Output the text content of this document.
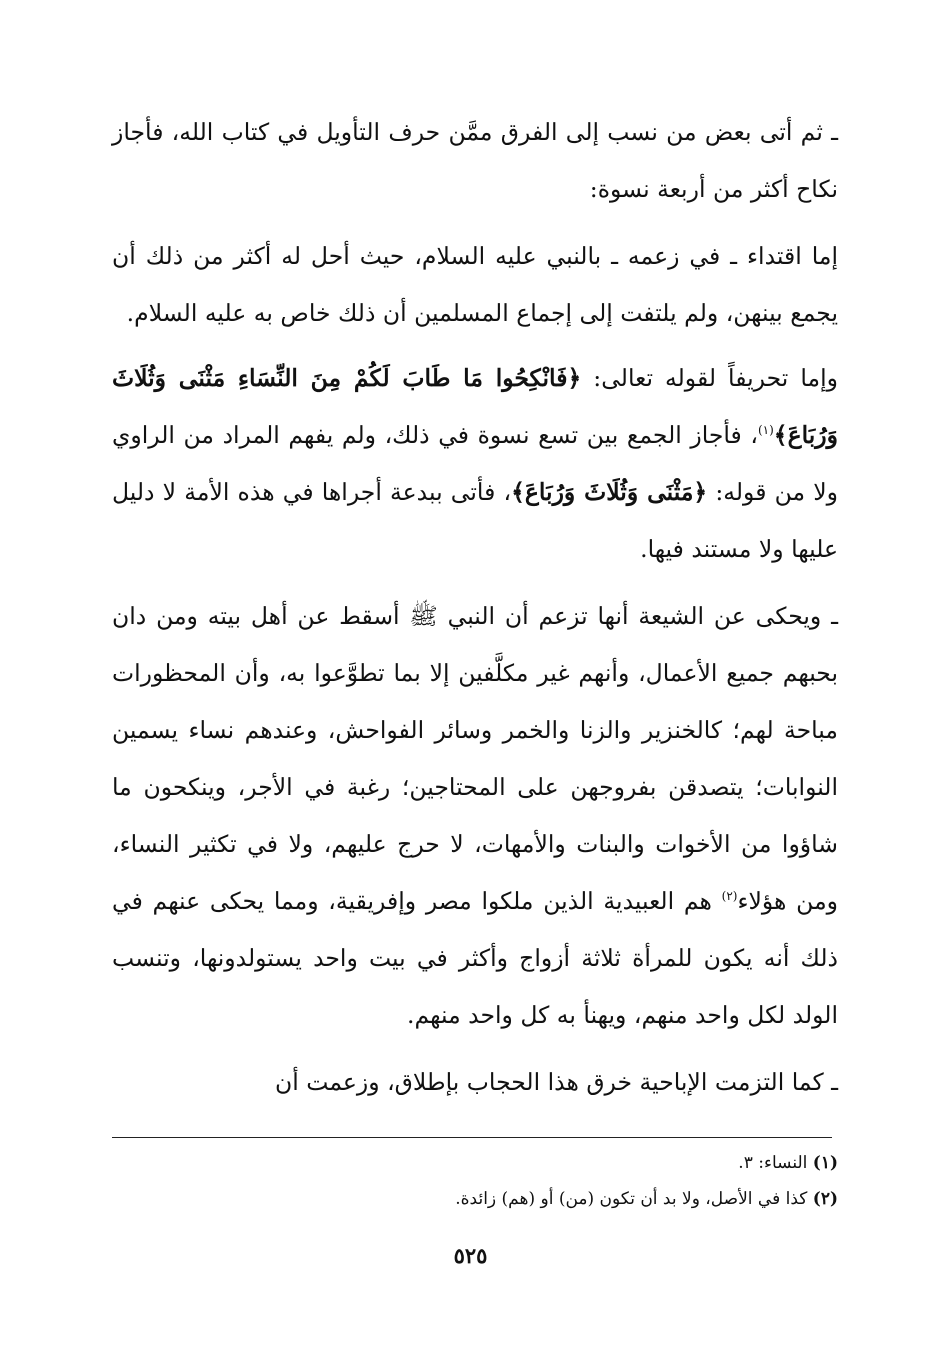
ـ ثم أتى بعض من نسب إلى الفرق ممَّن حرف التأويل في كتاب الله، فأجاز نكاح أكثر من أربعة نسوة:

إما اقتداء ـ في زعمه ـ بالنبي عليه السلام، حيث أحل له أكثر من ذلك أن يجمع بينهن، ولم يلتفت إلى إجماع المسلمين أن ذلك خاص به عليه السلام.

وإما تحريفاً لقوله تعالى: ﴿فَانْكِحُوا مَا طَابَ لَكُمْ مِنَ النِّسَاءِ مَثْنَى وَثُلَاثَ وَرُبَاعَ﴾$^{(١)}$، فأجاز الجمع بين تسع نسوة في ذلك، ولم يفهم المراد من الراوي ولا من قوله: ﴿مَثْنَى وَثُلَاثَ وَرُبَاعَ﴾، فأتى ببدعة أجراها في هذه الأمة لا دليل عليها ولا مستند فيها.

ـ ويحكى عن الشيعة أنها تزعم أن النبي ﷺ أسقط عن أهل بيته ومن دان بحبهم جميع الأعمال، وأنهم غير مكلَّفين إلا بما تطوَّعوا به، وأن المحظورات مباحة لهم؛ كالخنزير والزنا والخمر وسائر الفواحش، وعندهم نساء يسمين النوابات؛ يتصدقن بفروجهن على المحتاجين؛ رغبة في الأجر، وينكحون ما شاؤوا من الأخوات والبنات والأمهات، لا حرج عليهم، ولا في تكثير النساء، ومن هؤلاء$^{(٢)}$ هم العبيدية الذين ملكوا مصر وإفريقية، ومما يحكى عنهم في ذلك أنه يكون للمرأة ثلاثة أزواج وأكثر في بيت واحد يستولدونها، وتنسب الولد لكل واحد منهم، ويهنأ به كل واحد منهم.

ـ كما التزمت الإباحية خرق هذا الحجاب بإطلاق، وزعمت أن

(١) النساء: ٣.

(٢) كذا في الأصل، ولا بد أن تكون (من) أو (هم) زائدة.

٥٢٥
